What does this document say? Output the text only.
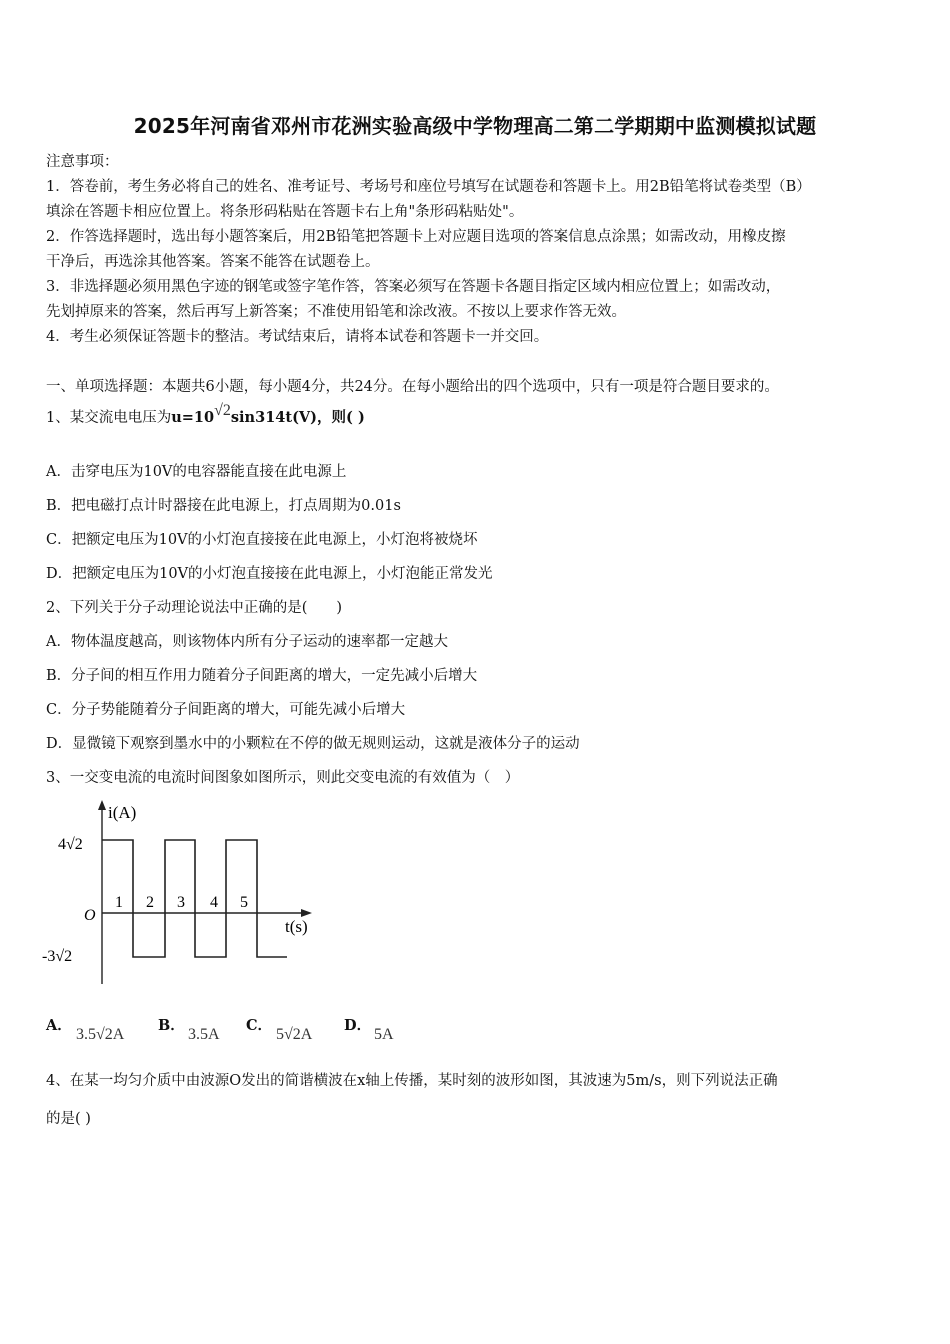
2025年河南省邓州市花洲实验高级中学物理高二第二学期期中监测模拟试题
注意事项：
1．答卷前，考生务必将自己的姓名、准考证号、考场号和座位号填写在试题卷和答题卡上。用2B铅笔将试卷类型（B）
填涂在答题卡相应位置上。将条形码粘贴在答题卡右上角"条形码粘贴处"。
2．作答选择题时，选出每小题答案后，用2B铅笔把答题卡上对应题目选项的答案信息点涂黑；如需改动，用橡皮擦
干净后，再选涂其他答案。答案不能答在试题卷上。
3．非选择题必须用黑色字迹的钢笔或签字笔作答，答案必须写在答题卡各题目指定区域内相应位置上；如需改动，
先划掉原来的答案，然后再写上新答案；不准使用铅笔和涂改液。不按以上要求作答无效。
4．考生必须保证答题卡的整洁。考试结束后，请将本试卷和答题卡一并交回。
一、单项选择题：本题共6小题，每小题4分，共24分。在每小题给出的四个选项中，只有一项是符合题目要求的。
1、某交流电电压为u=10√2sin314t(V)，则( )
A．击穿电压为10V的电容器能直接在此电源上
B．把电磁打点计时器接在此电源上，打点周期为0.01s
C．把额定电压为10V的小灯泡直接接在此电源上，小灯泡将被烧坏
D．把额定电压为10V的小灯泡直接接在此电源上，小灯泡能正常发光
2、下列关于分子动理论说法中正确的是(　　)
A．物体温度越高，则该物体内所有分子运动的速率都一定越大
B．分子间的相互作用力随着分子间距离的增大，一定先减小后增大
C．分子势能随着分子间距离的增大，可能先减小后增大
D．显微镜下观察到墨水中的小颗粒在不停的做无规则运动，这就是液体分子的运动
3、一交变电流的电流时间图象如图所示，则此交变电流的有效值为（　）
i(A)
t(s)
O
4√2
-3√2
1 2 3 4 5
A．
3.5√2A
B．
3.5A
C．
5√2A
D．
5A
4、在某一均匀介质中由波源O发出的简谐横波在x轴上传播，某时刻的波形如图，其波速为5m/s，则下列说法正确
的是( )
